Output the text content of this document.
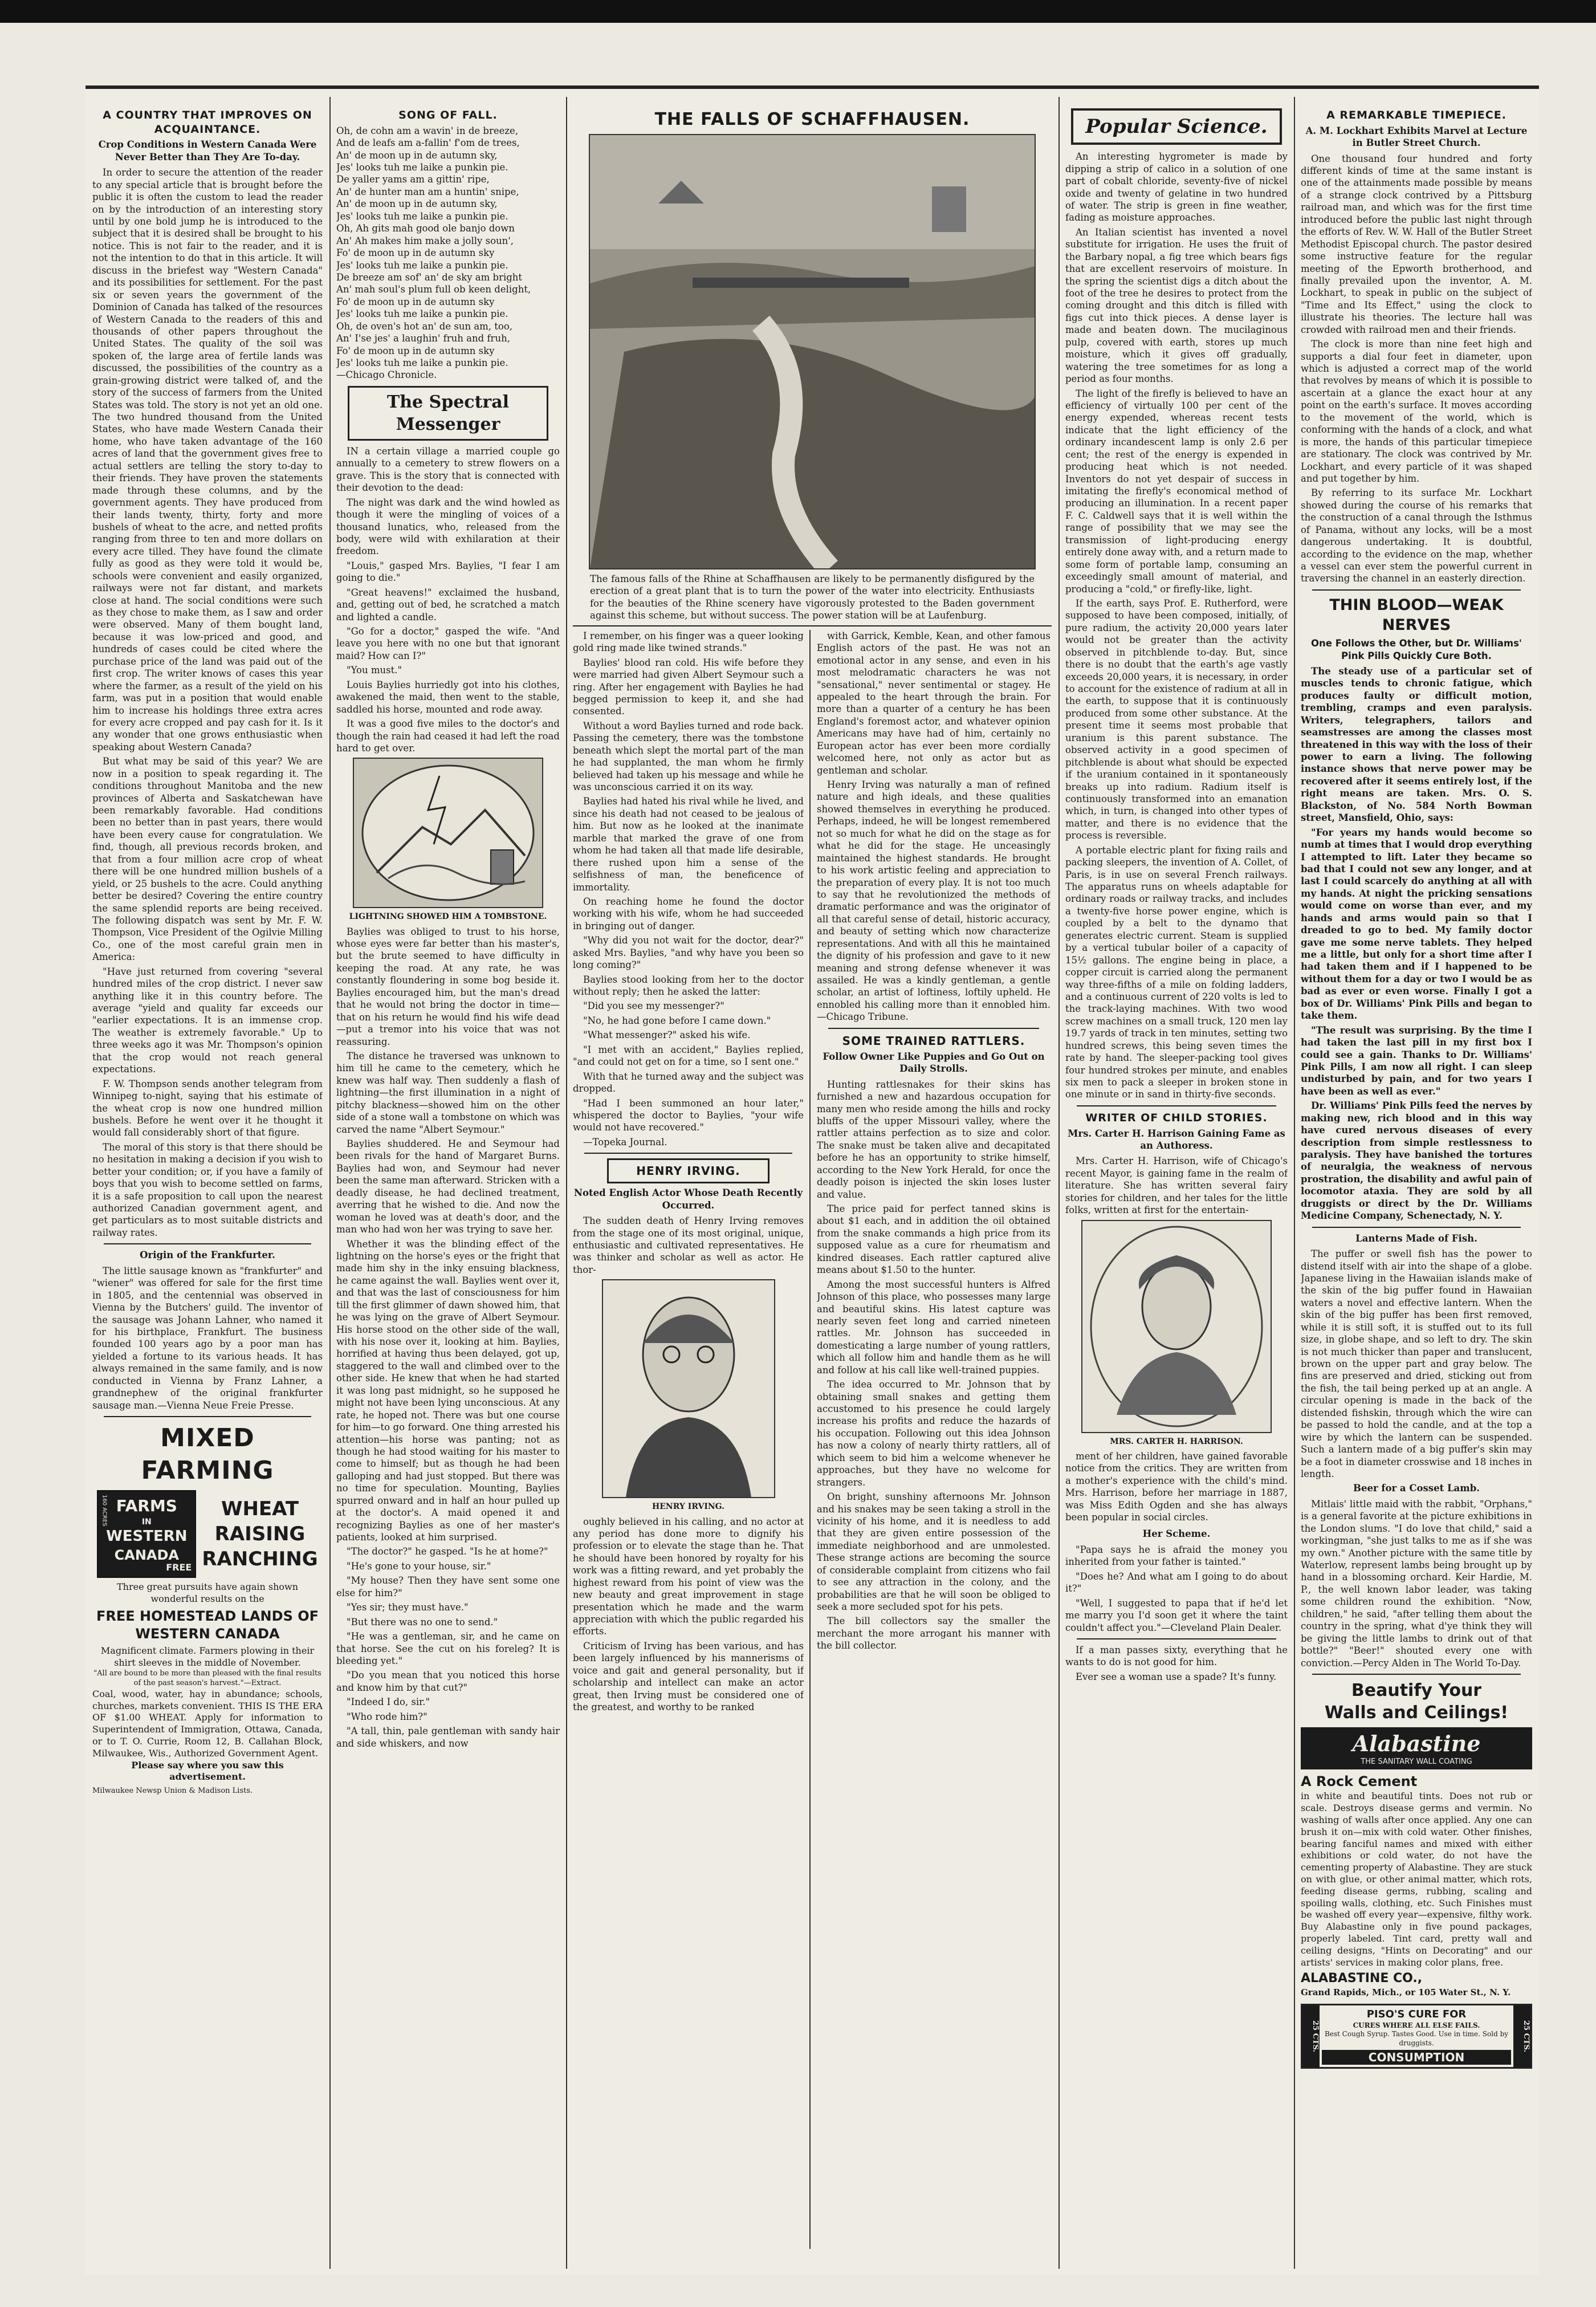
A COUNTRY THAT IMPROVES ON ACQUAINTANCE.
Crop Conditions in Western Canada Were Never Better than They Are To-day.

In order to secure the attention of the reader to any special article that is brought before the public it is often the custom to lead the reader on by the introduction of an interesting story until by one bold jump he is introduced to the subject that it is desired shall be brought to his notice. This is not fair to the reader, and it is not the intention to do that in this article. It will discuss in the briefest way "Western Canada" and its possibilities for settlement. For the past six or seven years the government of the Dominion of Canada has talked of the resources of Western Canada to the readers of this and thousands of other papers throughout the United States. The quality of the soil was spoken of, the large area of fertile lands was discussed, the possibilities of the country as a grain-growing district were talked of, and the story of the success of farmers from the United States was told. The story is not yet an old one. The two hundred thousand from the United States, who have made Western Canada their home, who have taken advantage of the 160 acres of land that the government gives free to actual settlers are telling the story to-day to their friends. They have proven the statements made through these columns, and by the government agents. They have produced from their lands twenty, thirty, forty and more bushels of wheat to the acre, and netted profits ranging from three to ten and more dollars on every acre tilled. They have found the climate fully as good as they were told it would be, schools were convenient and easily organized, railways were not far distant, and markets close at hand. The social conditions were such as they chose to make them, as I saw and order were observed. Many of them bought land, because it was low-priced and good, and hundreds of cases could be cited where the purchase price of the land was paid out of the first crop. The writer knows of cases this year where the farmer, as a result of the yield on his farm, was put in a position that would enable him to increase his holdings three extra acres for every acre cropped and pay cash for it. Is it any wonder that one grows enthusiastic when speaking about Western Canada?

But what may be said of this year? We are now in a position to speak regarding it. The conditions throughout Manitoba and the new provinces of Alberta and Saskatchewan have been remarkably favorable. Had conditions been no better than in past years, there would have been every cause for congratulation. We find, though, all previous records broken, and that from a four million acre crop of wheat there will be one hundred million bushels of a yield, or 25 bushels to the acre. Could anything better be desired? Covering the entire country the same splendid reports are being received. The following dispatch was sent by Mr. F. W. Thompson, Vice President of the Ogilvie Milling Co., one of the most careful grain men in America:

"Have just returned from covering "several hundred miles of the crop district. I never saw anything like it in this country before. The average "yield and quality far exceeds our "earlier expectations. It is an immense crop. The weather is extremely favorable." Up to three weeks ago it was Mr. Thompson's opinion that the crop would not reach general expectations.

F. W. Thompson sends another telegram from Winnipeg to-night, saying that his estimate of the wheat crop is now one hundred million bushels. Before he went over it he thought it would fall considerably short of that figure.

The moral of this story is that there should be no hesitation in making a decision if you wish to better your condition; or, if you have a family of boys that you wish to become settled on farms, it is a safe proposition to call upon the nearest authorized Canadian government agent, and get particulars as to most suitable districts and railway rates.

Origin of the Frankfurter.

The little sausage known as "frankfurter" and "wiener" was offered for sale for the first time in 1805, and the centennial was observed in Vienna by the Butchers' guild. The inventor of the sausage was Johann Lahner, who named it for his birthplace, Frankfurt. The business founded 100 years ago by a poor man has yielded a fortune to its various heads. It has always remained in the same family, and is now conducted in Vienna by Franz Lahner, a grandnephew of the original frankfurter sausage man.—Vienna Neue Freie Presse.

MIXED FARMING
160 ACRES FARMS
IN
WESTERN
CANADA
FREE
WHEAT
RAISING
RANCHING
Three great pursuits have again shown wonderful results on the
FREE HOMESTEAD LANDS OF WESTERN CANADA
Magnificent climate. Farmers plowing in their shirt sleeves in the middle of November.
"All are bound to be more than pleased with the final results of the past season's harvest."—Extract.
Coal, wood, water, hay in abundance; schools, churches, markets convenient. THIS IS THE ERA OF $1.00 WHEAT. Apply for information to Superintendent of Immigration, Ottawa, Canada, or to T. O. Currie, Room 12, B. Callahan Block, Milwaukee, Wis., Authorized Government Agent.
Please say where you saw this advertisement.
Milwaukee Newsp Union & Madison Lists.
SONG OF FALL.
Oh, de cohn am a wavin' in de breeze,
And de leafs am a-fallin' f'om de trees,
An' de moon up in de autumn sky,
Jes' looks tuh me laike a punkin pie.
De yaller yams am a gittin' ripe,
An' de hunter man am a huntin' snipe,
An' de moon up in de autumn sky,
Jes' looks tuh me laike a punkin pie.
Oh, Ah gits mah good ole banjo down
An' Ah makes him make a jolly soun',
Fo' de moon up in de autumn sky
Jes' looks tuh me laike a punkin pie.
De breeze am sof' an' de sky am bright
An' mah soul's plum full ob keen delight,
Fo' de moon up in de autumn sky
Jes' looks tuh me laike a punkin pie.
Oh, de oven's hot an' de sun am, too,
An' I'se jes' a laughin' fruh and fruh,
Fo' de moon up in de autumn sky
Jes' looks tuh me laike a punkin pie.
—Chicago Chronicle.
The Spectral Messenger

IN a certain village a married couple go annually to a cemetery to strew flowers on a grave. This is the story that is connected with their devotion to the dead:

The night was dark and the wind howled as though it were the mingling of voices of a thousand lunatics, who, released from the body, were wild with exhilaration at their freedom.

"Louis," gasped Mrs. Baylies, "I fear I am going to die."

"Great heavens!" exclaimed the husband, and, getting out of bed, he scratched a match and lighted a candle.

"Go for a doctor," gasped the wife. "And leave you here with no one but that ignorant maid? How can I?"

"You must."

Louis Baylies hurriedly got into his clothes, awakened the maid, then went to the stable, saddled his horse, mounted and rode away.

It was a good five miles to the doctor's and though the rain had ceased it had left the road hard to get over.

LIGHTNING SHOWED HIM A TOMBSTONE.

Baylies was obliged to trust to his horse, whose eyes were far better than his master's, but the brute seemed to have difficulty in keeping the road. At any rate, he was constantly floundering in some bog beside it. Baylies encouraged him, but the man's dread that he would not bring the doctor in time—that on his return he would find his wife dead—put a tremor into his voice that was not reassuring.

The distance he traversed was unknown to him till he came to the cemetery, which he knew was half way. Then suddenly a flash of lightning—the first illumination in a night of pitchy blackness—showed him on the other side of a stone wall a tombstone on which was carved the name "Albert Seymour."

Baylies shuddered. He and Seymour had been rivals for the hand of Margaret Burns. Baylies had won, and Seymour had never been the same man afterward. Stricken with a deadly disease, he had declined treatment, averring that he wished to die. And now the woman he loved was at death's door, and the man who had won her was trying to save her.

Whether it was the blinding effect of the lightning on the horse's eyes or the fright that made him shy in the inky ensuing blackness, he came against the wall. Baylies went over it, and that was the last of consciousness for him till the first glimmer of dawn showed him, that he was lying on the grave of Albert Seymour. His horse stood on the other side of the wall, with his nose over it, looking at him. Baylies, horrified at having thus been delayed, got up, staggered to the wall and climbed over to the other side. He knew that when he had started it was long past midnight, so he supposed he might not have been lying unconscious. At any rate, he hoped not. There was but one course for him—to go forward. One thing arrested his attention—his horse was panting; not as though he had stood waiting for his master to come to himself; but as though he had been galloping and had just stopped. But there was no time for speculation. Mounting, Baylies spurred onward and in half an hour pulled up at the doctor's. A maid opened it and recognizing Baylies as one of her master's patients, looked at him surprised.

"The doctor?" he gasped. "Is he at home?"

"He's gone to your house, sir."

"My house? Then they have sent some one else for him?"

"Yes sir; they must have."

"But there was no one to send."

"He was a gentleman, sir, and he came on that horse. See the cut on his foreleg? It is bleeding yet."

"Do you mean that you noticed this horse and know him by that cut?"

"Indeed I do, sir."

"Who rode him?"

"A tall, thin, pale gentleman with sandy hair and side whiskers, and now

THE FALLS OF SCHAFFHAUSEN.
The famous falls of the Rhine at Schaffhausen are likely to be permanently disfigured by the erection of a great plant that is to turn the power of the water into electricity. Enthusiasts for the beauties of the Rhine scenery have vigorously protested to the Baden government against this scheme, but without success. The power station will be at Laufenburg.

I remember, on his finger was a queer looking gold ring made like twined strands."

Baylies' blood ran cold. His wife before they were married had given Albert Seymour such a ring. After her engagement with Baylies he had begged permission to keep it, and she had consented.

Without a word Baylies turned and rode back. Passing the cemetery, there was the tombstone beneath which slept the mortal part of the man he had supplanted, the man whom he firmly believed had taken up his message and while he was unconscious carried it on its way.

Baylies had hated his rival while he lived, and since his death had not ceased to be jealous of him. But now as he looked at the inanimate marble that marked the grave of one from whom he had taken all that made life desirable, there rushed upon him a sense of the selfishness of man, the beneficence of immortality.

On reaching home he found the doctor working with his wife, whom he had succeeded in bringing out of danger.

"Why did you not wait for the doctor, dear?" asked Mrs. Baylies, "and why have you been so long coming?"

Baylies stood looking from her to the doctor without reply; then he asked the latter:

"Did you see my messenger?"

"No, he had gone before I came down."

"What messenger?" asked his wife.

"I met with an accident," Baylies replied, "and could not get on for a time, so I sent one."

With that he turned away and the subject was dropped.

"Had I been summoned an hour later," whispered the doctor to Baylies, "your wife would not have recovered."

—Topeka Journal.

HENRY IRVING.
Noted English Actor Whose Death Recently Occurred.

The sudden death of Henry Irving removes from the stage one of its most original, unique, enthusiastic and cultivated representatives. He was thinker and scholar as well as actor. He thor-

HENRY IRVING.

oughly believed in his calling, and no actor at any period has done more to dignify his profession or to elevate the stage than he. That he should have been honored by royalty for his work was a fitting reward, and yet probably the highest reward from his point of view was the new beauty and great improvement in stage presentation which he made and the warm appreciation with which the public regarded his efforts.

Criticism of Irving has been various, and has been largely influenced by his mannerisms of voice and gait and general personality, but if scholarship and intellect can make an actor great, then Irving must be considered one of the greatest, and worthy to be ranked

with Garrick, Kemble, Kean, and other famous English actors of the past. He was not an emotional actor in any sense, and even in his most melodramatic characters he was not "sensational," never sentimental or stagey. He appealed to the heart through the brain. For more than a quarter of a century he has been England's foremost actor, and whatever opinion Americans may have had of him, certainly no European actor has ever been more cordially welcomed here, not only as actor but as gentleman and scholar.

Henry Irving was naturally a man of refined nature and high ideals, and these qualities showed themselves in everything he produced. Perhaps, indeed, he will be longest remembered not so much for what he did on the stage as for what he did for the stage. He unceasingly maintained the highest standards. He brought to his work artistic feeling and appreciation to the preparation of every play. It is not too much to say that he revolutionized the methods of dramatic performance and was the originator of all that careful sense of detail, historic accuracy, and beauty of setting which now characterize representations. And with all this he maintained the dignity of his profession and gave to it new meaning and strong defense whenever it was assailed. He was a kindly gentleman, a gentle scholar, an artist of loftiness, loftily upheld. He ennobled his calling more than it ennobled him.—Chicago Tribune.

SOME TRAINED RATTLERS.
Follow Owner Like Puppies and Go Out on Daily Strolls.

Hunting rattlesnakes for their skins has furnished a new and hazardous occupation for many men who reside among the hills and rocky bluffs of the upper Missouri valley, where the rattler attains perfection as to size and color. The snake must be taken alive and decapitated before he has an opportunity to strike himself, according to the New York Herald, for once the deadly poison is injected the skin loses luster and value.

The price paid for perfect tanned skins is about $1 each, and in addition the oil obtained from the snake commands a high price from its supposed value as a cure for rheumatism and kindred diseases. Each rattler captured alive means about $1.50 to the hunter.

Among the most successful hunters is Alfred Johnson of this place, who possesses many large and beautiful skins. His latest capture was nearly seven feet long and carried nineteen rattles. Mr. Johnson has succeeded in domesticating a large number of young rattlers, which all follow him and handle them as he will and follow at his call like well-trained puppies.

The idea occurred to Mr. Johnson that by obtaining small snakes and getting them accustomed to his presence he could largely increase his profits and reduce the hazards of his occupation. Following out this idea Johnson has now a colony of nearly thirty rattlers, all of which seem to bid him a welcome whenever he approaches, but they have no welcome for strangers.

On bright, sunshiny afternoons Mr. Johnson and his snakes may be seen taking a stroll in the vicinity of his home, and it is needless to add that they are given entire possession of the immediate neighborhood and are unmolested. These strange actions are becoming the source of considerable complaint from citizens who fail to see any attraction in the colony, and the probabilities are that he will soon be obliged to seek a more secluded spot for his pets.

The bill collectors say the smaller the merchant the more arrogant his manner with the bill collector.

Popular Science.

An interesting hygrometer is made by dipping a strip of calico in a solution of one part of cobalt chloride, seventy-five of nickel oxide and twenty of gelatine in two hundred of water. The strip is green in fine weather, fading as moisture approaches.

An Italian scientist has invented a novel substitute for irrigation. He uses the fruit of the Barbary nopal, a fig tree which bears figs that are excellent reservoirs of moisture. In the spring the scientist digs a ditch about the foot of the tree he desires to protect from the coming drought and this ditch is filled with figs cut into thick pieces. A dense layer is made and beaten down. The mucilaginous pulp, covered with earth, stores up much moisture, which it gives off gradually, watering the tree sometimes for as long a period as four months.

The light of the firefly is believed to have an efficiency of virtually 100 per cent of the energy expended, whereas recent tests indicate that the light efficiency of the ordinary incandescent lamp is only 2.6 per cent; the rest of the energy is expended in producing heat which is not needed. Inventors do not yet despair of success in imitating the firefly's economical method of producing an illumination. In a recent paper F. C. Caldwell says that it is well within the range of possibility that we may see the transmission of light-producing energy entirely done away with, and a return made to some form of portable lamp, consuming an exceedingly small amount of material, and producing a "cold," or firefly-like, light.

If the earth, says Prof. E. Rutherford, were supposed to have been composed, initially, of pure radium, the activity 20,000 years later would not be greater than the activity observed in pitchblende to-day. But, since there is no doubt that the earth's age vastly exceeds 20,000 years, it is necessary, in order to account for the existence of radium at all in the earth, to suppose that it is continuously produced from some other substance. At the present time it seems most probable that uranium is this parent substance. The observed activity in a good specimen of pitchblende is about what should be expected if the uranium contained in it spontaneously breaks up into radium. Radium itself is continuously transformed into an emanation which, in turn, is changed into other types of matter, and there is no evidence that the process is reversible.

A portable electric plant for fixing rails and packing sleepers, the invention of A. Collet, of Paris, is in use on several French railways. The apparatus runs on wheels adaptable for ordinary roads or railway tracks, and includes a twenty-five horse power engine, which is coupled by a belt to the dynamo that generates electric current. Steam is supplied by a vertical tubular boiler of a capacity of 15½ gallons. The engine being in place, a copper circuit is carried along the permanent way three-fifths of a mile on folding ladders, and a continuous current of 220 volts is led to the track-laying machines. With two wood screw machines on a small truck, 120 men lay 19.7 yards of track in ten minutes, setting two hundred screws, this being seven times the rate by hand. The sleeper-packing tool gives four hundred strokes per minute, and enables six men to pack a sleeper in broken stone in one minute or in sand in thirty-five seconds.

WRITER OF CHILD STORIES.
Mrs. Carter H. Harrison Gaining Fame as an Authoress.

Mrs. Carter H. Harrison, wife of Chicago's recent Mayor, is gaining fame in the realm of literature. She has written several fairy stories for children, and her tales for the little folks, written at first for the entertain-

MRS. CARTER H. HARRISON.

ment of her children, have gained favorable notice from the critics. They are written from a mother's experience with the child's mind. Mrs. Harrison, before her marriage in 1887, was Miss Edith Ogden and she has always been popular in social circles.

Her Scheme.

"Papa says he is afraid the money you inherited from your father is tainted."

"Does he? And what am I going to do about it?"

"Well, I suggested to papa that if he'd let me marry you I'd soon get it where the taint couldn't affect you."—Cleveland Plain Dealer.

If a man passes sixty, everything that he wants to do is not good for him.

Ever see a woman use a spade? It's funny.

A REMARKABLE TIMEPIECE.
A. M. Lockhart Exhibits Marvel at Lecture in Butler Street Church.

One thousand four hundred and forty different kinds of time at the same instant is one of the attainments made possible by means of a strange clock contrived by a Pittsburg railroad man, and which was for the first time introduced before the public last night through the efforts of Rev. W. W. Hall of the Butler Street Methodist Episcopal church. The pastor desired some instructive feature for the regular meeting of the Epworth brotherhood, and finally prevailed upon the inventor, A. M. Lockhart, to speak in public on the subject of "Time and Its Effect," using the clock to illustrate his theories. The lecture hall was crowded with railroad men and their friends.

The clock is more than nine feet high and supports a dial four feet in diameter, upon which is adjusted a correct map of the world that revolves by means of which it is possible to ascertain at a glance the exact hour at any point on the earth's surface. It moves according to the movement of the world, which is conforming with the hands of a clock, and what is more, the hands of this particular timepiece are stationary. The clock was contrived by Mr. Lockhart, and every particle of it was shaped and put together by him.

By referring to its surface Mr. Lockhart showed during the course of his remarks that the construction of a canal through the Isthmus of Panama, without any locks, will be a most dangerous undertaking. It is doubtful, according to the evidence on the map, whether a vessel can ever stem the powerful current in traversing the channel in an easterly direction.

THIN BLOOD—WEAK NERVES
One Follows the Other, but Dr. Williams' Pink Pills Quickly Cure Both.

The steady use of a particular set of muscles tends to chronic fatigue, which produces faulty or difficult motion, trembling, cramps and even paralysis. Writers, telegraphers, tailors and seamstresses are among the classes most threatened in this way with the loss of their power to earn a living. The following instance shows that nerve power may be recovered after it seems entirely lost, if the right means are taken. Mrs. O. S. Blackston, of No. 584 North Bowman street, Mansfield, Ohio, says:

"For years my hands would become so numb at times that I would drop everything I attempted to lift. Later they became so bad that I could not sew any longer, and at last I could scarcely do anything at all with my hands. At night the pricking sensations would come on worse than ever, and my hands and arms would pain so that I dreaded to go to bed. My family doctor gave me some nerve tablets. They helped me a little, but only for a short time after I had taken them and if I happened to be without them for a day or two I would be as bad as ever or even worse. Finally I got a box of Dr. Williams' Pink Pills and began to take them.

"The result was surprising. By the time I had taken the last pill in my first box I could see a gain. Thanks to Dr. Williams' Pink Pills, I am now all right. I can sleep undisturbed by pain, and for two years I have been as well as ever."

Dr. Williams' Pink Pills feed the nerves by making new, rich blood and in this way have cured nervous diseases of every description from simple restlessness to paralysis. They have banished the tortures of neuralgia, the weakness of nervous prostration, the disability and awful pain of locomotor ataxia. They are sold by all druggists or direct by the Dr. Williams Medicine Company, Schenectady, N. Y.

Lanterns Made of Fish.

The puffer or swell fish has the power to distend itself with air into the shape of a globe. Japanese living in the Hawaiian islands make of the skin of the big puffer found in Hawaiian waters a novel and effective lantern. When the skin of the big puffer has been first removed, while it is still soft, it is stuffed out to its full size, in globe shape, and so left to dry. The skin is not much thicker than paper and translucent, brown on the upper part and gray below. The fins are preserved and dried, sticking out from the fish, the tail being perked up at an angle. A circular opening is made in the back of the distended fishskin, through which the wire can be passed to hold the candle, and at the top a wire by which the lantern can be suspended. Such a lantern made of a big puffer's skin may be a foot in diameter crosswise and 18 inches in length.

Beer for a Cosset Lamb.

Mitlais' little maid with the rabbit, "Orphans," is a general favorite at the picture exhibitions in the London slums. "I do love that child," said a workingman, "she just talks to me as if she was my own." Another picture with the same title by Waterlow, represent lambs being brought up by hand in a blossoming orchard. Keir Hardie, M. P., the well known labor leader, was taking some children round the exhibition. "Now, children," he said, "after telling them about the country in the spring, what d'ye think they will be giving the little lambs to drink out of that bottle?" "Beer!" shouted every one with conviction.—Percy Alden in The World To-Day.

Beautify Your
Walls and Ceilings!
Alabastine
THE SANITARY WALL COATING
A Rock Cement
in white and beautiful tints. Does not rub or scale. Destroys disease germs and vermin. No washing of walls after once applied. Any one can brush it on—mix with cold water. Other finishes, bearing fanciful names and mixed with either exhibitions or cold water, do not have the cementing property of Alabastine. They are stuck on with glue, or other animal matter, which rots, feeding disease germs, rubbing, scaling and spoiling walls, clothing, etc. Such Finishes must be washed off every year—expensive, filthy work. Buy Alabastine only in five pound packages, properly labeled. Tint card, pretty wall and ceiling designs, "Hints on Decorating" and our artists' services in making color plans, free.
ALABASTINE CO.,
Grand Rapids, Mich., or 105 Water St., N. Y.
25 CTS.
PISO'S CURE FOR
CURES WHERE ALL ELSE FAILS.
Best Cough Syrup. Tastes Good. Use in time. Sold by druggists.
CONSUMPTION
25 CTS.
